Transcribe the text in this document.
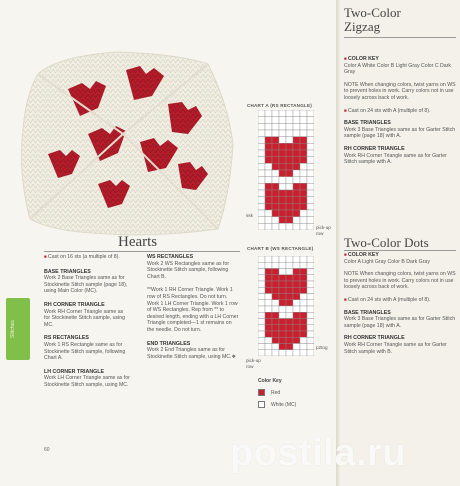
CHART A (RS RECTANGLE)
ssk
pick-up
row
CHART B (WS RECTANGLE)
p2tog
pick-up
row
Color Key
Red
White (MC)
Hearts
■ Cast on 16 sts (a multiple of 8).
BASE TRIANGLES
Work 2 Base Triangles same as for Stockinette Stitch sample (page 18), using Main Color (MC).
RH CORNER TRIANGLE
Work RH Corner Triangle same as for Stockinette Stitch sample, using MC.
RS RECTANGLES
Work 1 RS Rectangle same as for Stockinette Stitch sample, following Chart A.
LH CORNER TRIANGLE
Work LH Corner Triangle same as for Stockinette Stitch sample, using MC.
WS RECTANGLES
Work 2 WS Rectangles same as for Stockinette Stitch sample, following Chart B.
**Work 1 RH Corner Triangle. Work 1 row of RS Rectangles. Do not turn. Work 1 LH Corner Triangle. Work 1 row of WS Rectangles. Rep from ** to desired length, ending with a LH Corner Triangle completed—1 st remains on the needle. Do not turn.
END TRIANGLES
Work 2 End Triangles same as for Stockinette Stitch sample, using MC.❖
Stitches
60
Two-Color
Zigzag
■ COLOR KEY
Color A White Color B Light Gray Color C Dark Gray
NOTE When changing colors, twist yarns on WS to prevent holes in work. Carry colors not in use loosely across back of work.
■ Cast on 24 sts with A (multiple of 8).
BASE TRIANGLES
Work 3 Base Triangles same as for Garter Stitch sample (page 18) with A.
RH CORNER TRIANGLE
Work RH Corner Triangle same as for Garter Stitch sample with A.
Two-Color Dots
■ COLOR KEY
Color A Light Gray Color B Dark Gray
NOTE When changing colors, twist yarns on WS to prevent holes in work. Carry colors not in use loosely across back of work.
■ Cast on 24 sts with A (multiple of 8).
BASE TRIANGLES
Work 3 Base Triangles same as for Garter Stitch sample (page 18) with A.
RH CORNER TRIANGLE
Work RH Corner Triangle same as for Garter Stitch sample with B.
postila.ru
